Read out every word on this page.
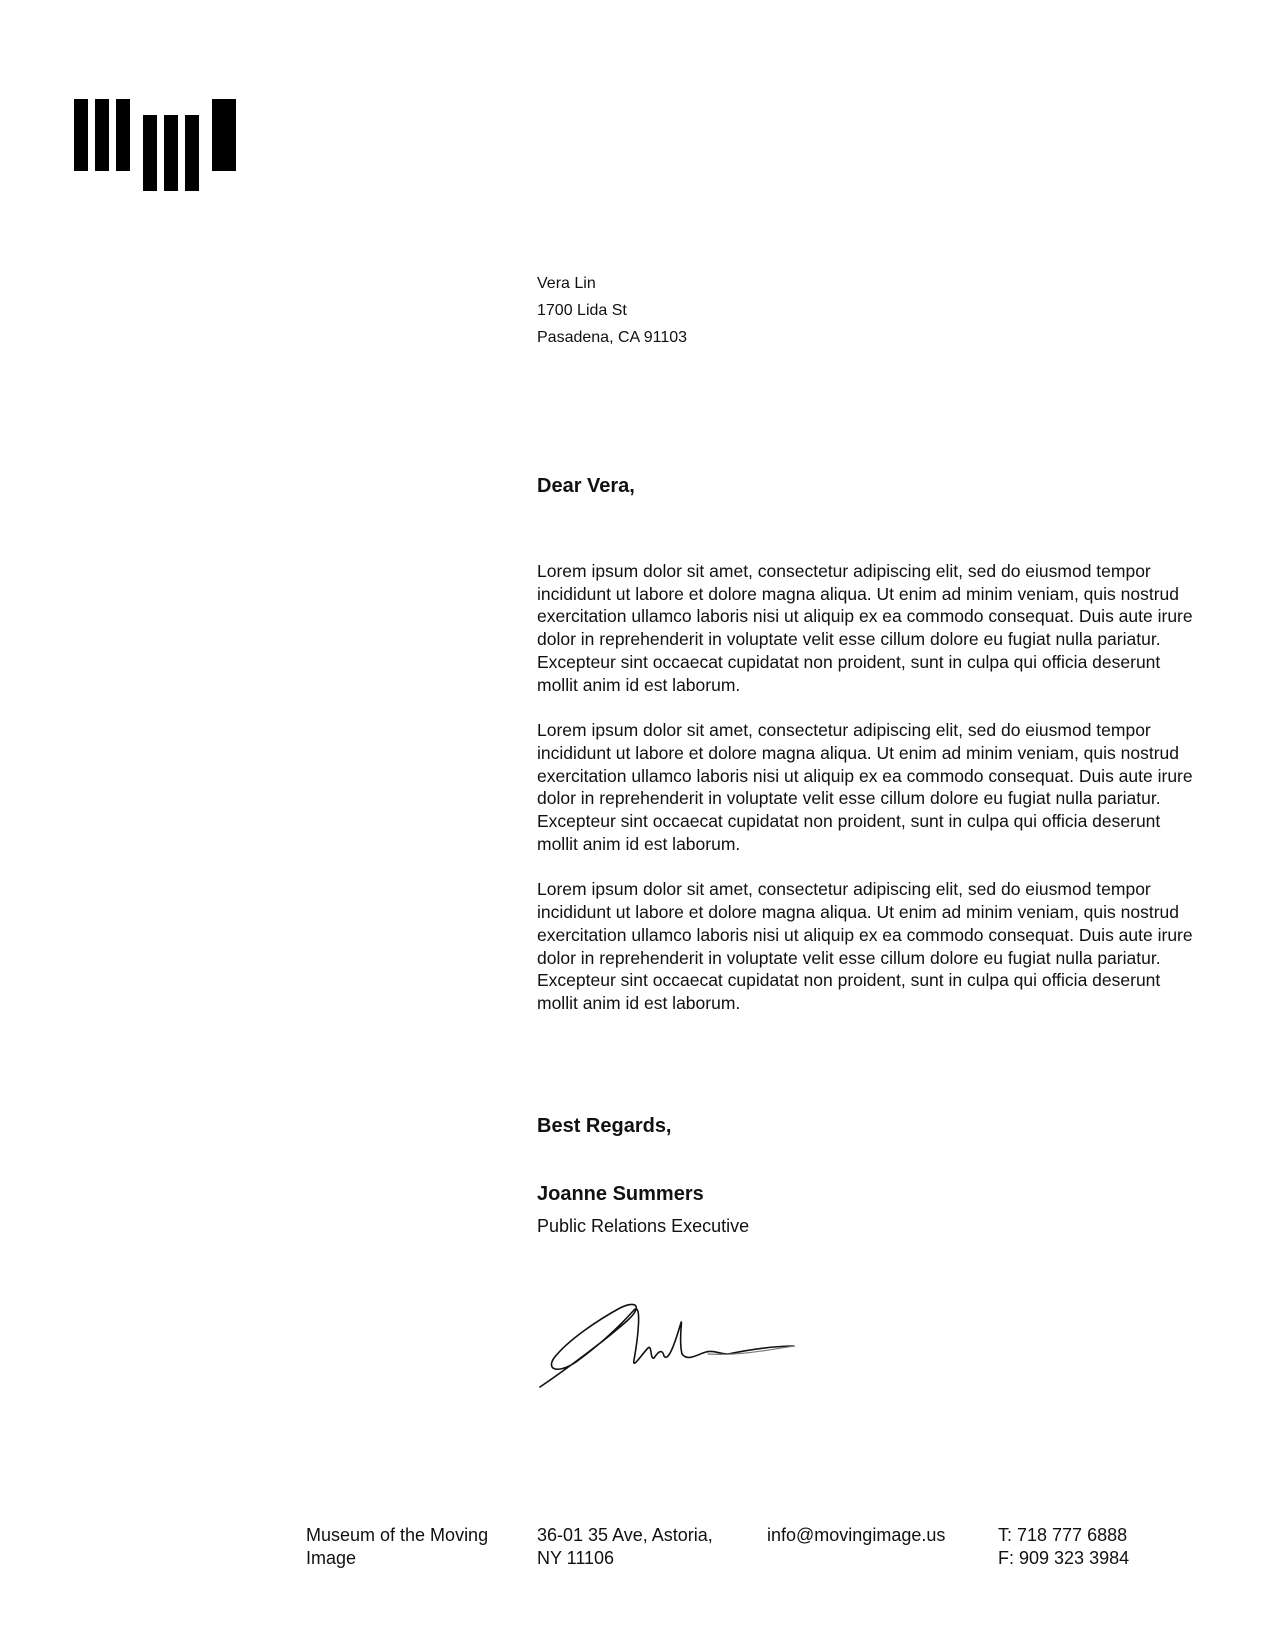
Vera Lin
1700 Lida St
Pasadena, CA 91103
Dear Vera,

Lorem ipsum dolor sit amet, consectetur adipiscing elit, sed do eiusmod tempor incididunt ut labore et dolore magna aliqua. Ut enim ad minim veniam, quis nostrud exercitation ullamco laboris nisi ut aliquip ex ea commodo consequat. Duis aute irure dolor in reprehenderit in voluptate velit esse cillum dolore eu fugiat nulla pariatur. Excepteur sint occaecat cupidatat non proident, sunt in culpa qui officia deserunt mollit anim id est laborum.

Lorem ipsum dolor sit amet, consectetur adipiscing elit, sed do eiusmod tempor incididunt ut labore et dolore magna aliqua. Ut enim ad minim veniam, quis nostrud exercitation ullamco laboris nisi ut aliquip ex ea commodo consequat. Duis aute irure dolor in reprehenderit in voluptate velit esse cillum dolore eu fugiat nulla pariatur. Excepteur sint occaecat cupidatat non proident, sunt in culpa qui officia deserunt mollit anim id est laborum.

Lorem ipsum dolor sit amet, consectetur adipiscing elit, sed do eiusmod tempor incididunt ut labore et dolore magna aliqua. Ut enim ad minim veniam, quis nostrud exercitation ullamco laboris nisi ut aliquip ex ea commodo consequat. Duis aute irure dolor in reprehenderit in voluptate velit esse cillum dolore eu fugiat nulla pariatur. Excepteur sint occaecat cupidatat non proident, sunt in culpa qui officia deserunt mollit anim id est laborum.

Best Regards,
Joanne Summers
Public Relations Executive
Museum of the Moving
Image
36-01 35 Ave, Astoria,
NY 11106
info@movingimage.us	T: 718 777 6888
F: 909 323 3984
